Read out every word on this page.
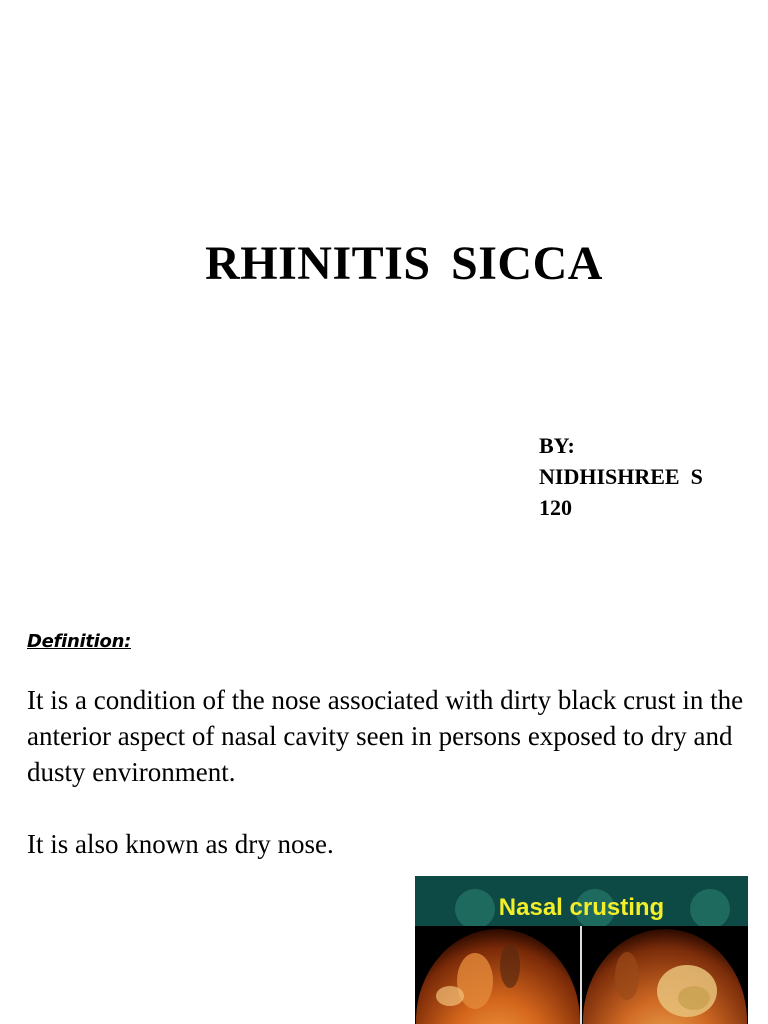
RHINITIS SICCA
BY:
NIDHISHREE  S
120
Definition:

It is a condition of the nose associated with dirty black crust in the anterior aspect of nasal cavity seen in persons exposed to dry and dusty environment.

It is also known as dry nose.

Nasal crusting
